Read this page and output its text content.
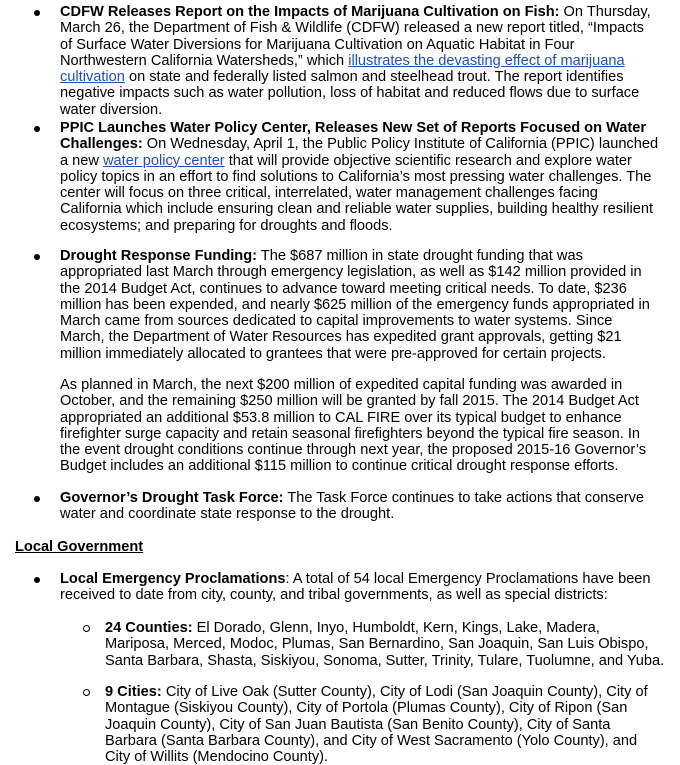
CDFW Releases Report on the Impacts of Marijuana Cultivation on Fish: On Thursday, March 26, the Department of Fish & Wildlife (CDFW) released a new report titled, “Impacts of Surface Water Diversions for Marijuana Cultivation on Aquatic Habitat in Four Northwestern California Watersheds,” which illustrates the devasting effect of marijuana cultivation on state and federally listed salmon and steelhead trout. The report identifies negative impacts such as water pollution, loss of habitat and reduced flows due to surface water diversion.
PPIC Launches Water Policy Center, Releases New Set of Reports Focused on Water Challenges: On Wednesday, April 1, the Public Policy Institute of California (PPIC) launched a new water policy center that will provide objective scientific research and explore water policy topics in an effort to find solutions to California’s most pressing water challenges. The center will focus on three critical, interrelated, water management challenges facing California which include ensuring clean and reliable water supplies, building healthy resilient ecosystems; and preparing for droughts and floods.
Drought Response Funding: The $687 million in state drought funding that was appropriated last March through emergency legislation, as well as $142 million provided in the 2014 Budget Act, continues to advance toward meeting critical needs. To date, $236 million has been expended, and nearly $625 million of the emergency funds appropriated in March came from sources dedicated to capital improvements to water systems. Since March, the Department of Water Resources has expedited grant approvals, getting $21 million immediately allocated to grantees that were pre-approved for certain projects.
As planned in March, the next $200 million of expedited capital funding was awarded in October, and the remaining $250 million will be granted by fall 2015. The 2014 Budget Act appropriated an additional $53.8 million to CAL FIRE over its typical budget to enhance firefighter surge capacity and retain seasonal firefighters beyond the typical fire season. In the event drought conditions continue through next year, the proposed 2015-16 Governor’s Budget includes an additional $115 million to continue critical drought response efforts.
Governor’s Drought Task Force: The Task Force continues to take actions that conserve water and coordinate state response to the drought.
Local Government
Local Emergency Proclamations: A total of 54 local Emergency Proclamations have been received to date from city, county, and tribal governments, as well as special districts:
24 Counties: El Dorado, Glenn, Inyo, Humboldt, Kern, Kings, Lake, Madera, Mariposa, Merced, Modoc, Plumas, San Bernardino, San Joaquin, San Luis Obispo, Santa Barbara, Shasta, Siskiyou, Sonoma, Sutter, Trinity, Tulare, Tuolumne, and Yuba.
9 Cities: City of Live Oak (Sutter County), City of Lodi (San Joaquin County), City of Montague (Siskiyou County), City of Portola (Plumas County), City of Ripon (San Joaquin County), City of San Juan Bautista (San Benito County), City of Santa Barbara (Santa Barbara County), and City of West Sacramento (Yolo County), and City of Willits (Mendocino County).
